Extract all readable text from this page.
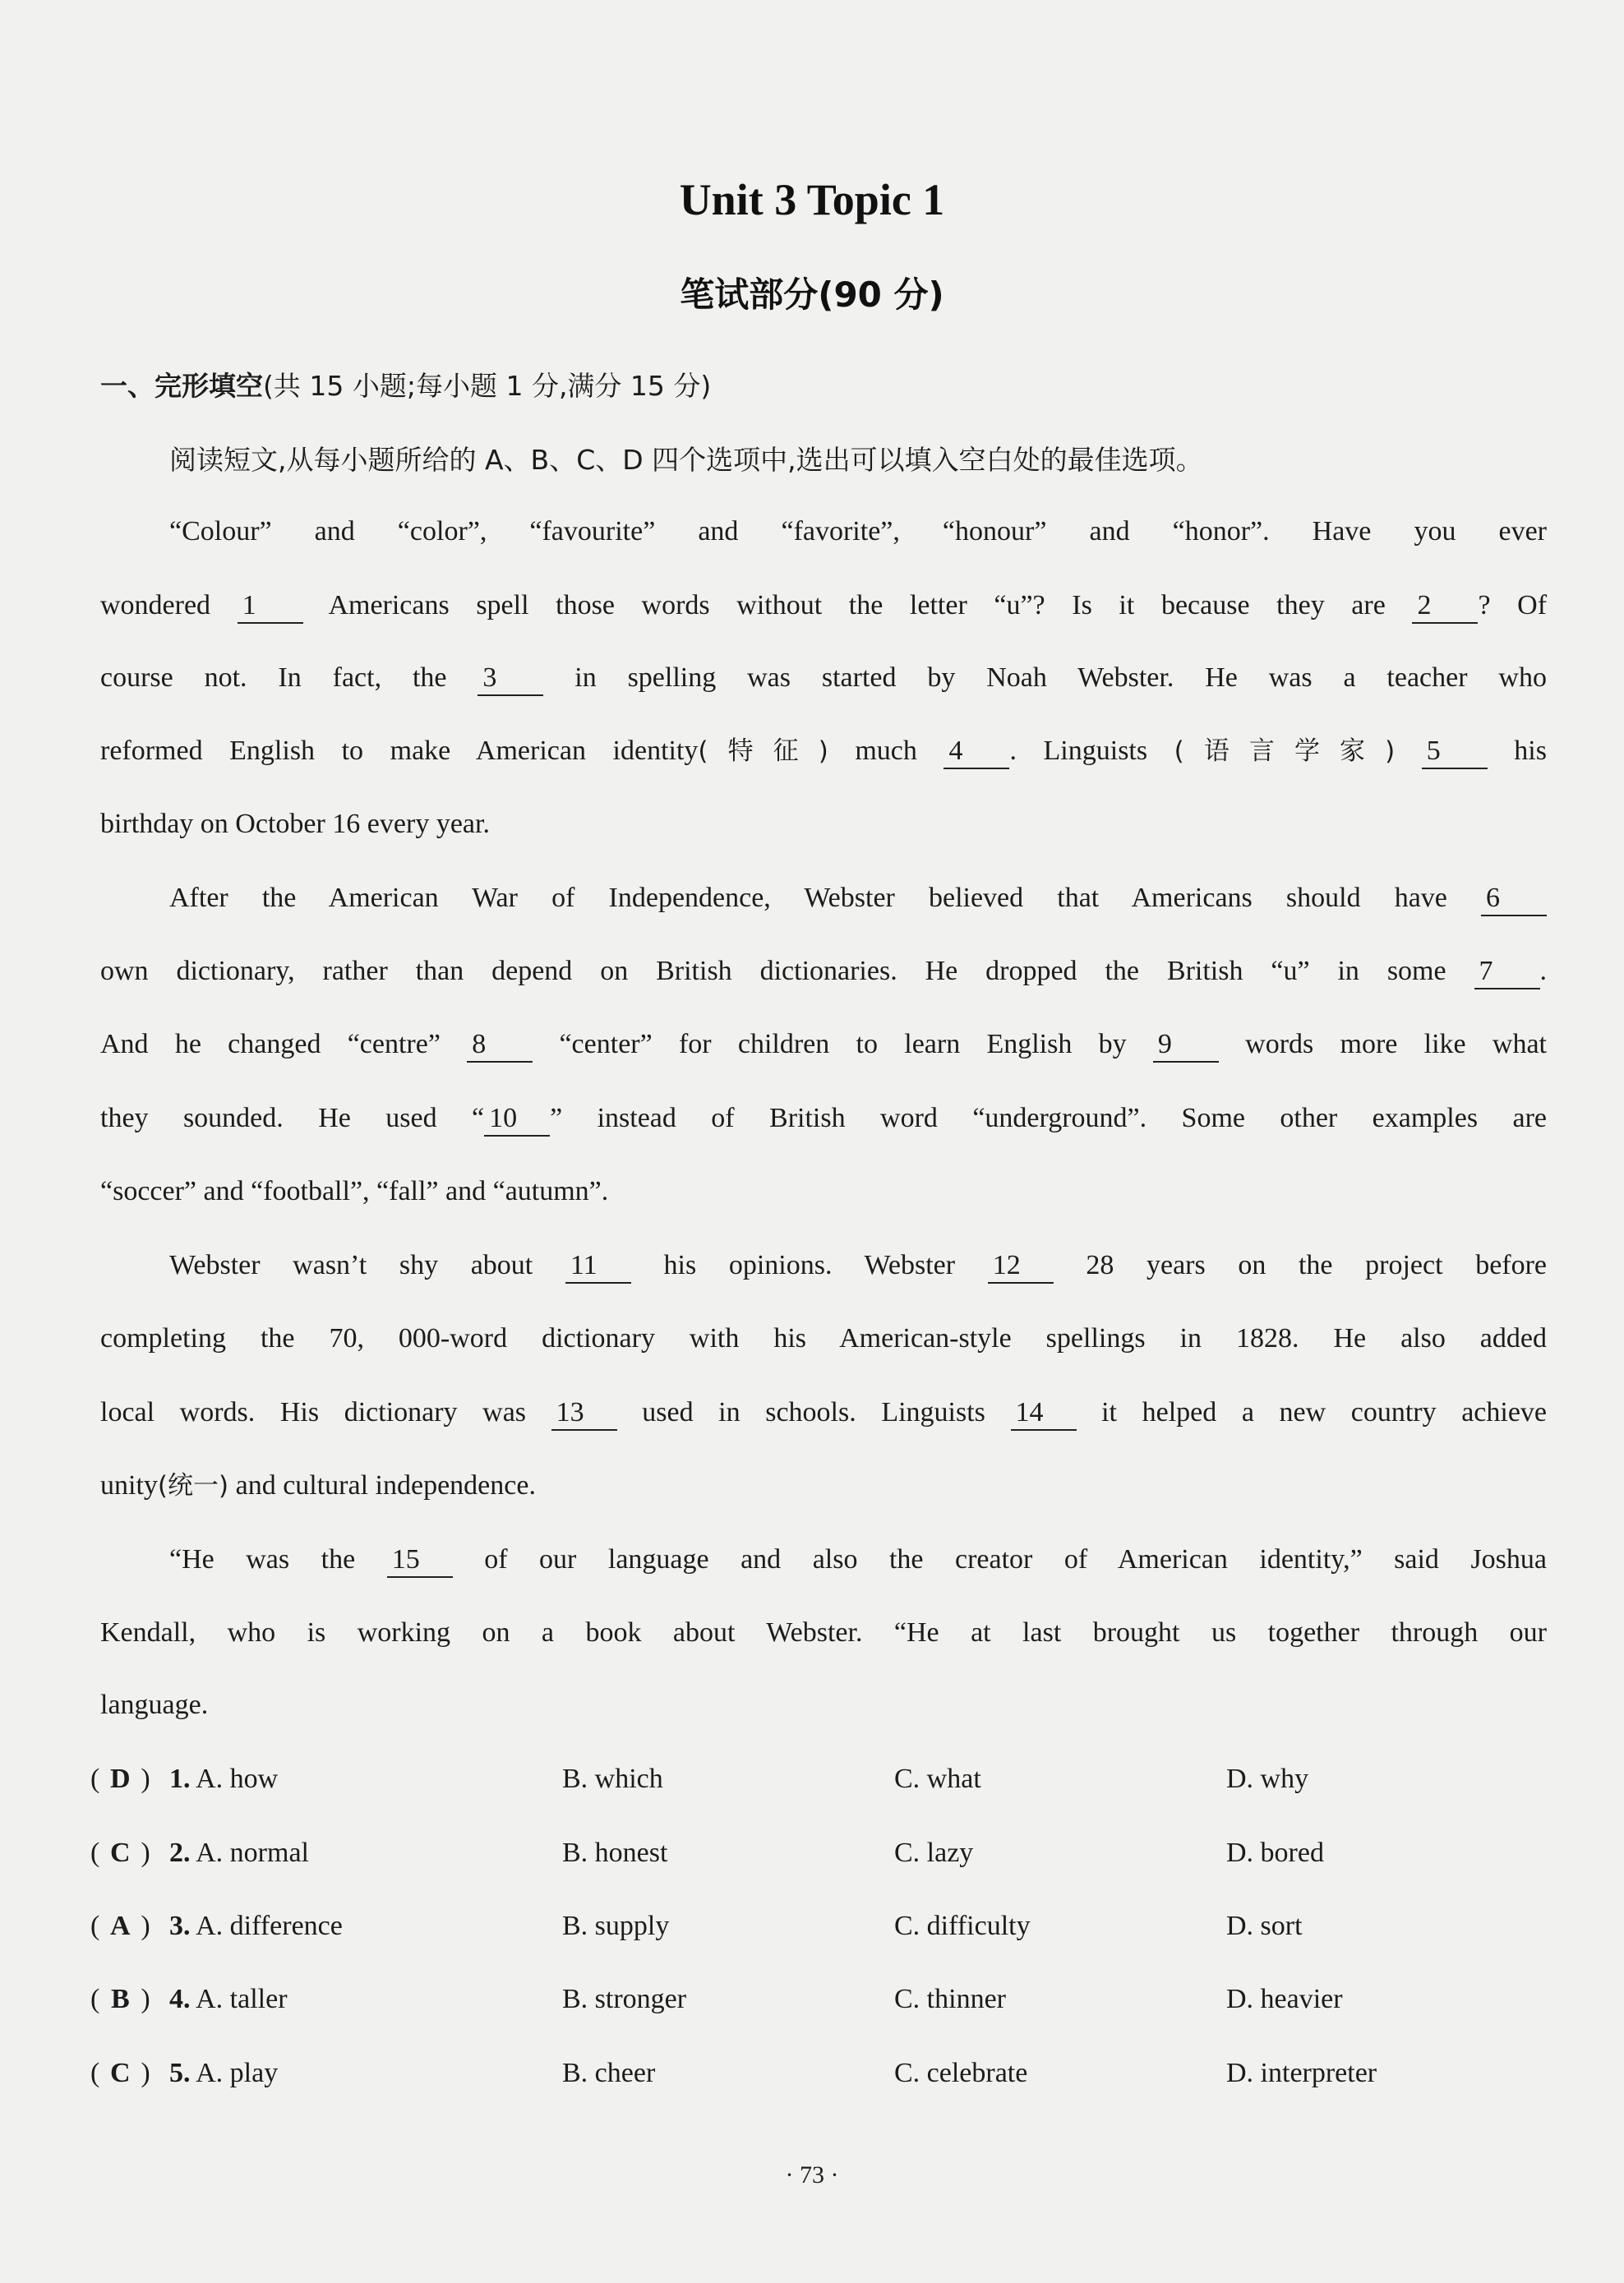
Unit 3 Topic 1
笔试部分(90 分)
一、完形填空(共 15 小题;每小题 1 分,满分 15 分)
阅读短文,从每小题所给的 A、B、C、D 四个选项中,选出可以填入空白处的最佳选项。
“Colour” and “color”, “favourite” and “favorite”, “honour” and “honor”. Have you ever
wondered 1	Americans spell those words without the letter “u”? Is it because they are 2 ? Of
course not. In fact, the 3	in spelling was started by Noah Webster. He was a teacher who
reformed English to make American identity(特征) much 4 . Linguists (语言学家) 5	his
birthday on October 16 every year.
After the American War of Independence, Webster believed that Americans should have 6
own dictionary, rather than depend on British dictionaries. He dropped the British “u” in some 7 .
And he changed “centre” 8	“center” for children to learn English by 9	words more like what
they sounded. He used “ 10 ” instead of British word “underground”. Some other examples are
“soccer” and “football”, “fall” and “autumn”.
Webster wasn’t shy about 11 his opinions. Webster 12 28 years on the project before
completing the 70, 000-word dictionary with his American-style spellings in 1828. He also added
local words. His dictionary was 13 used in schools. Linguists 14 it helped a new country achieve
unity(统一) and cultural independence.
“He was the 15 of our language and also the creator of American identity,” said Joshua
Kendall, who is working on a book about Webster. “He at last brought us together through our
language.
( D ) 1. A. how	B. which	C. what	D. why
( C ) 2. A. normal	B. honest	C. lazy	D. bored
( A ) 3. A. difference	B. supply	C. difficulty	D. sort
( B ) 4. A. taller	B. stronger	C. thinner	D. heavier
( C ) 5. A. play	B. cheer	C. celebrate	D. interpreter
· 73 ·
